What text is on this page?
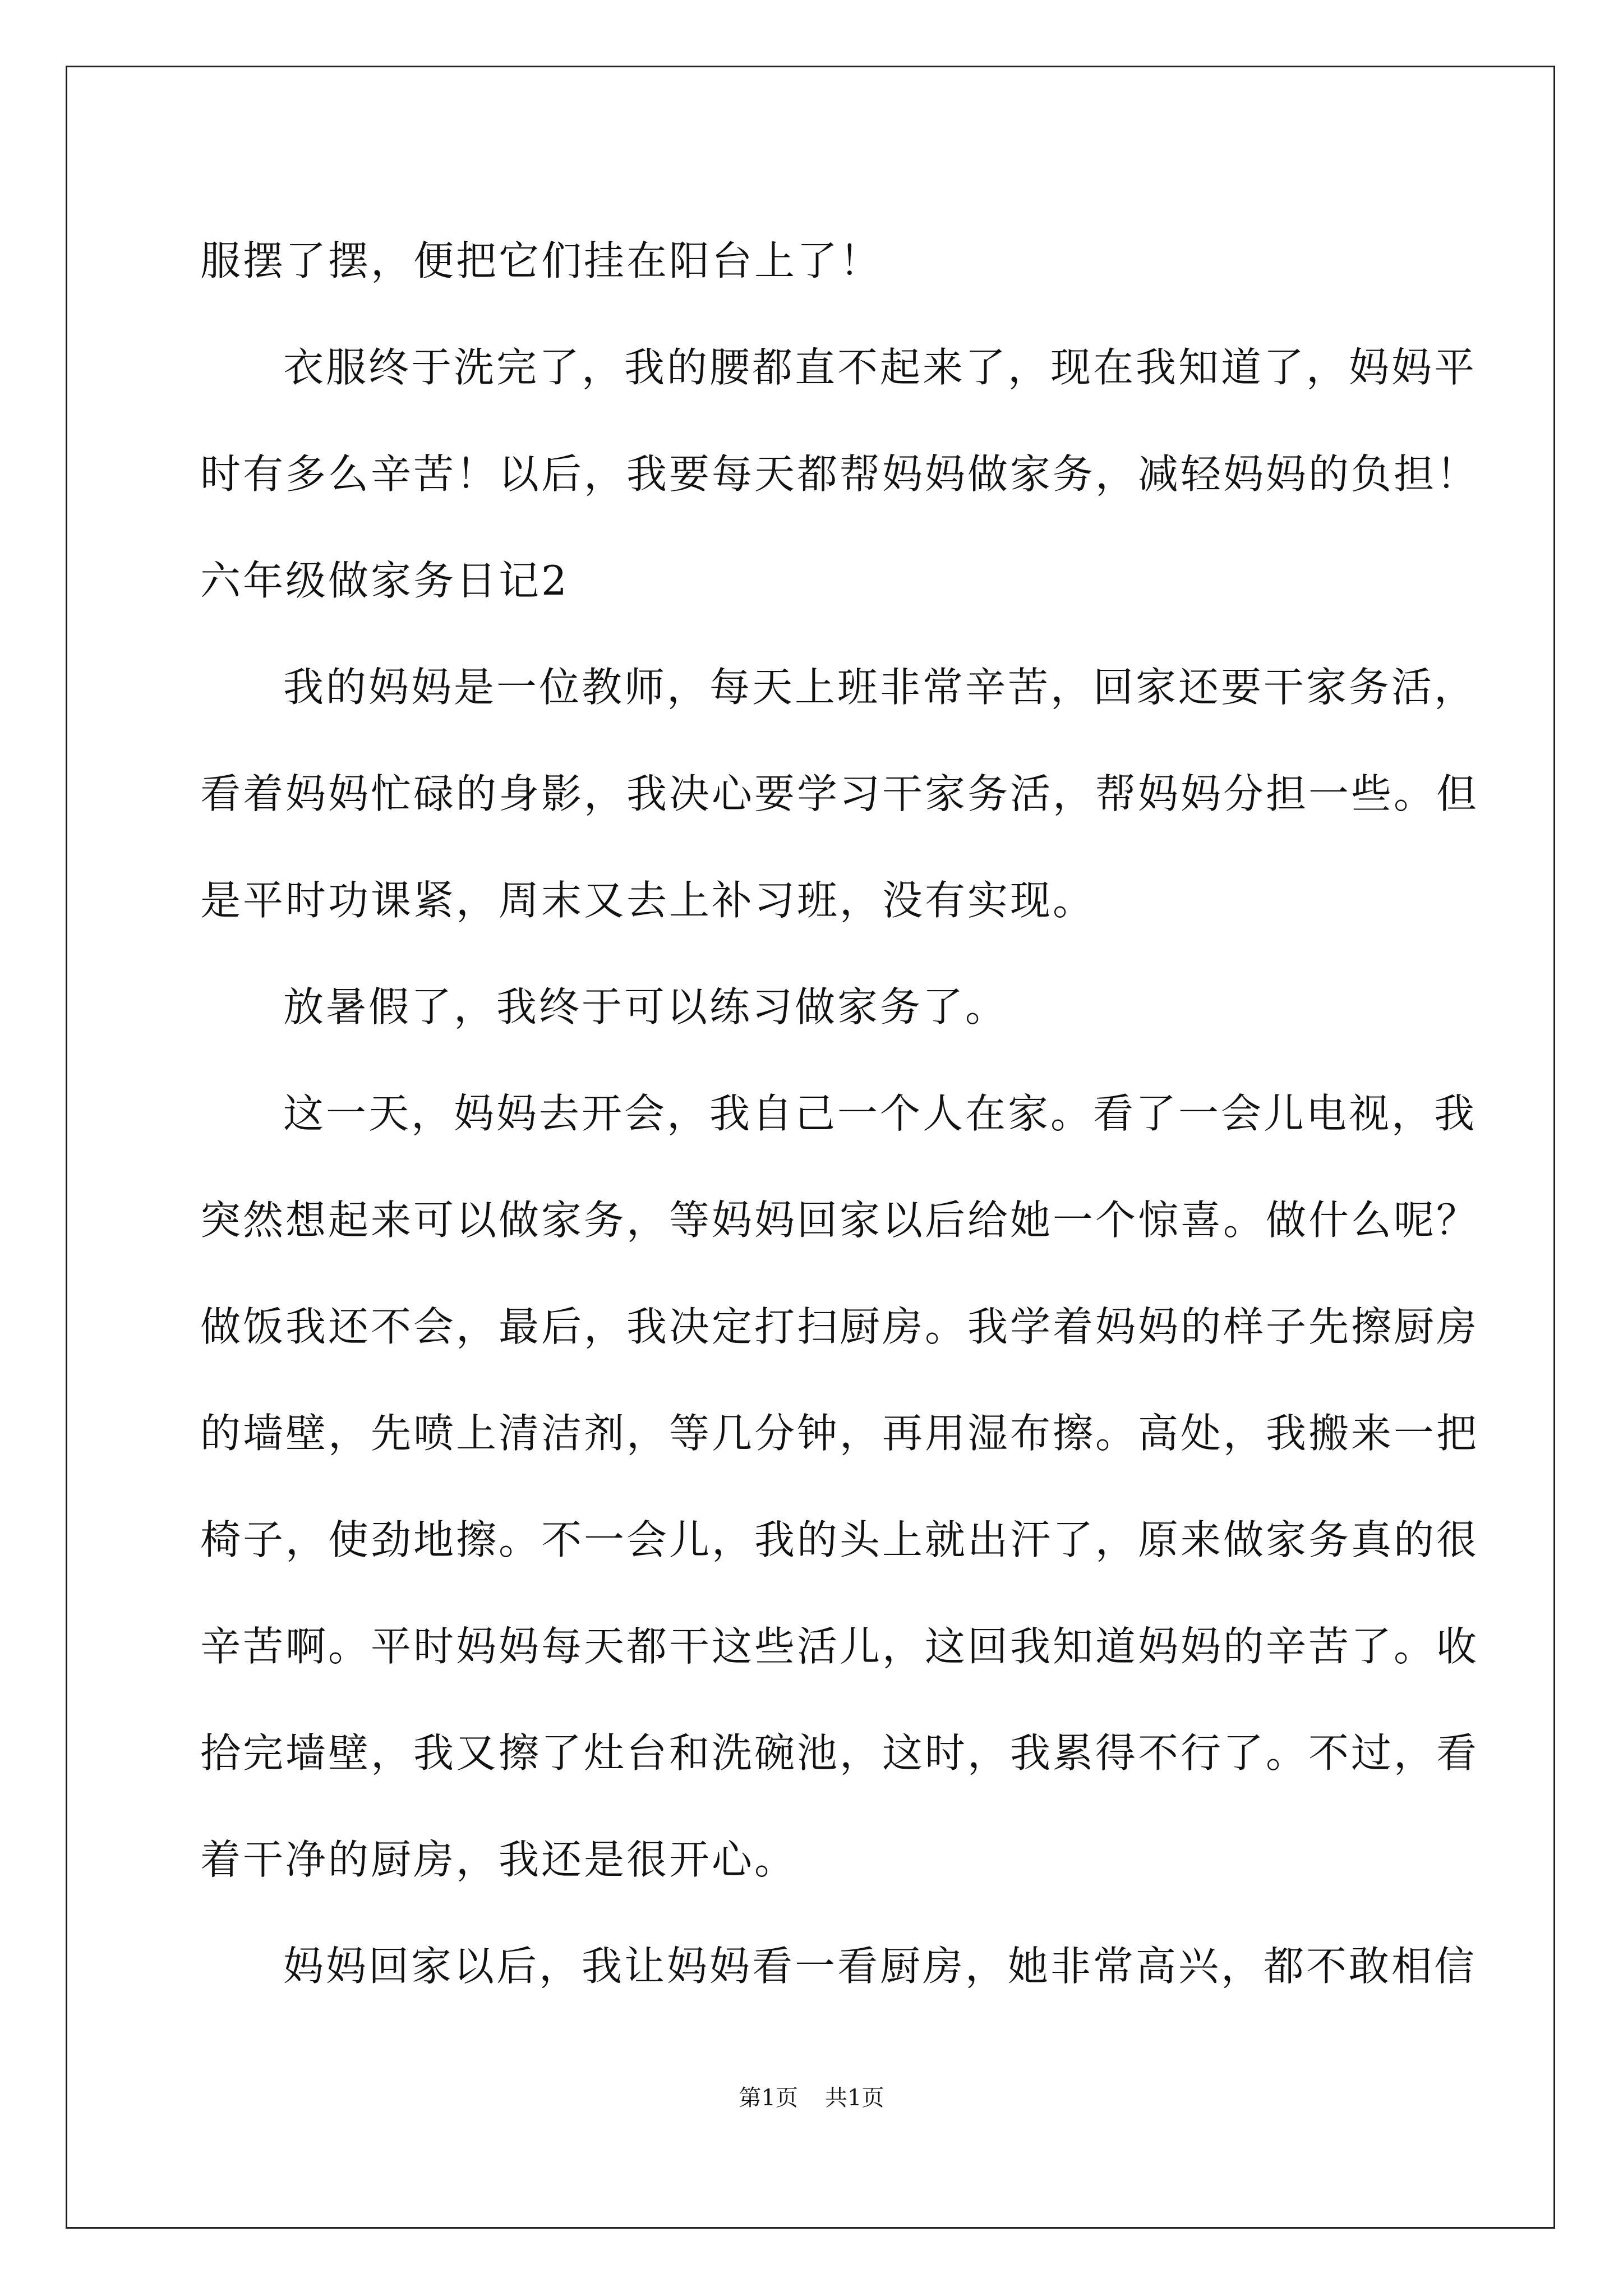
服摆了摆，便把它们挂在阳台上了！
衣服终于洗完了，我的腰都直不起来了，现在我知道了，妈妈平
时有多么辛苦！以后，我要每天都帮妈妈做家务，减轻妈妈的负担！
六年级做家务日记2
我的妈妈是一位教师，每天上班非常辛苦，回家还要干家务活，
看着妈妈忙碌的身影，我决心要学习干家务活，帮妈妈分担一些。但
是平时功课紧，周末又去上补习班，没有实现。
放暑假了，我终于可以练习做家务了。
这一天，妈妈去开会，我自己一个人在家。看了一会儿电视，我
突然想起来可以做家务，等妈妈回家以后给她一个惊喜。做什么呢？
做饭我还不会，最后，我决定打扫厨房。我学着妈妈的样子先擦厨房
的墙壁，先喷上清洁剂，等几分钟，再用湿布擦。高处，我搬来一把
椅子，使劲地擦。不一会儿，我的头上就出汗了，原来做家务真的很
辛苦啊。平时妈妈每天都干这些活儿，这回我知道妈妈的辛苦了。收
拾完墙壁，我又擦了灶台和洗碗池，这时，我累得不行了。不过，看
着干净的厨房，我还是很开心。
妈妈回家以后，我让妈妈看一看厨房，她非常高兴，都不敢相信
第1页 共1页
